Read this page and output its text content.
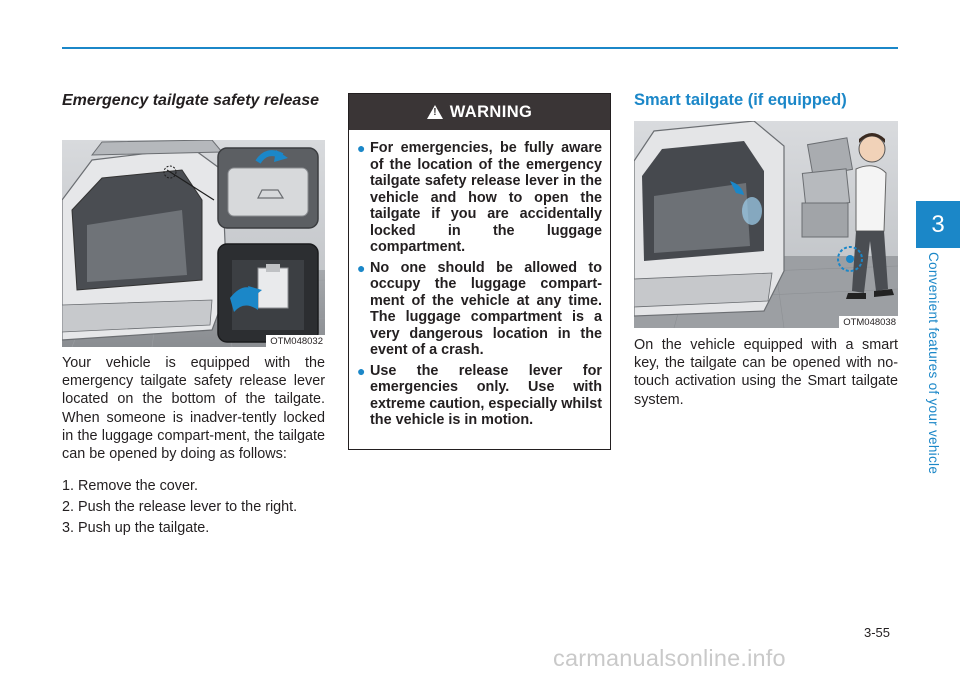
3
Convenient features of your vehicle
Emergency tailgate safety release
OTM048032
Your vehicle is equipped with the emergency tailgate safety release lever located on the bottom of the tailgate. When someone is inadver-tently locked in the luggage compart-ment, the tailgate can be opened by doing as follows:
1. Remove the cover.
2. Push the release lever to the right.
3. Push up the tailgate.
! WARNING
● For emergencies, be fully aware of the location of the emergency tailgate safety release lever in the vehicle and how to open the tailgate if you are accidentally locked in the luggage compartment.
● No one should be allowed to occupy the luggage compart-ment of the vehicle at any time. The luggage compartment is a very dangerous location in the event of a crash.
● Use the release lever for emergencies only. Use with extreme caution, especially whilst the vehicle is in motion.
Smart tailgate (if equipped)
OTM048038
On the vehicle equipped with a smart key, the tailgate can be opened with no-touch activation using the Smart tailgate system.
3-55
carmanualsonline.info
